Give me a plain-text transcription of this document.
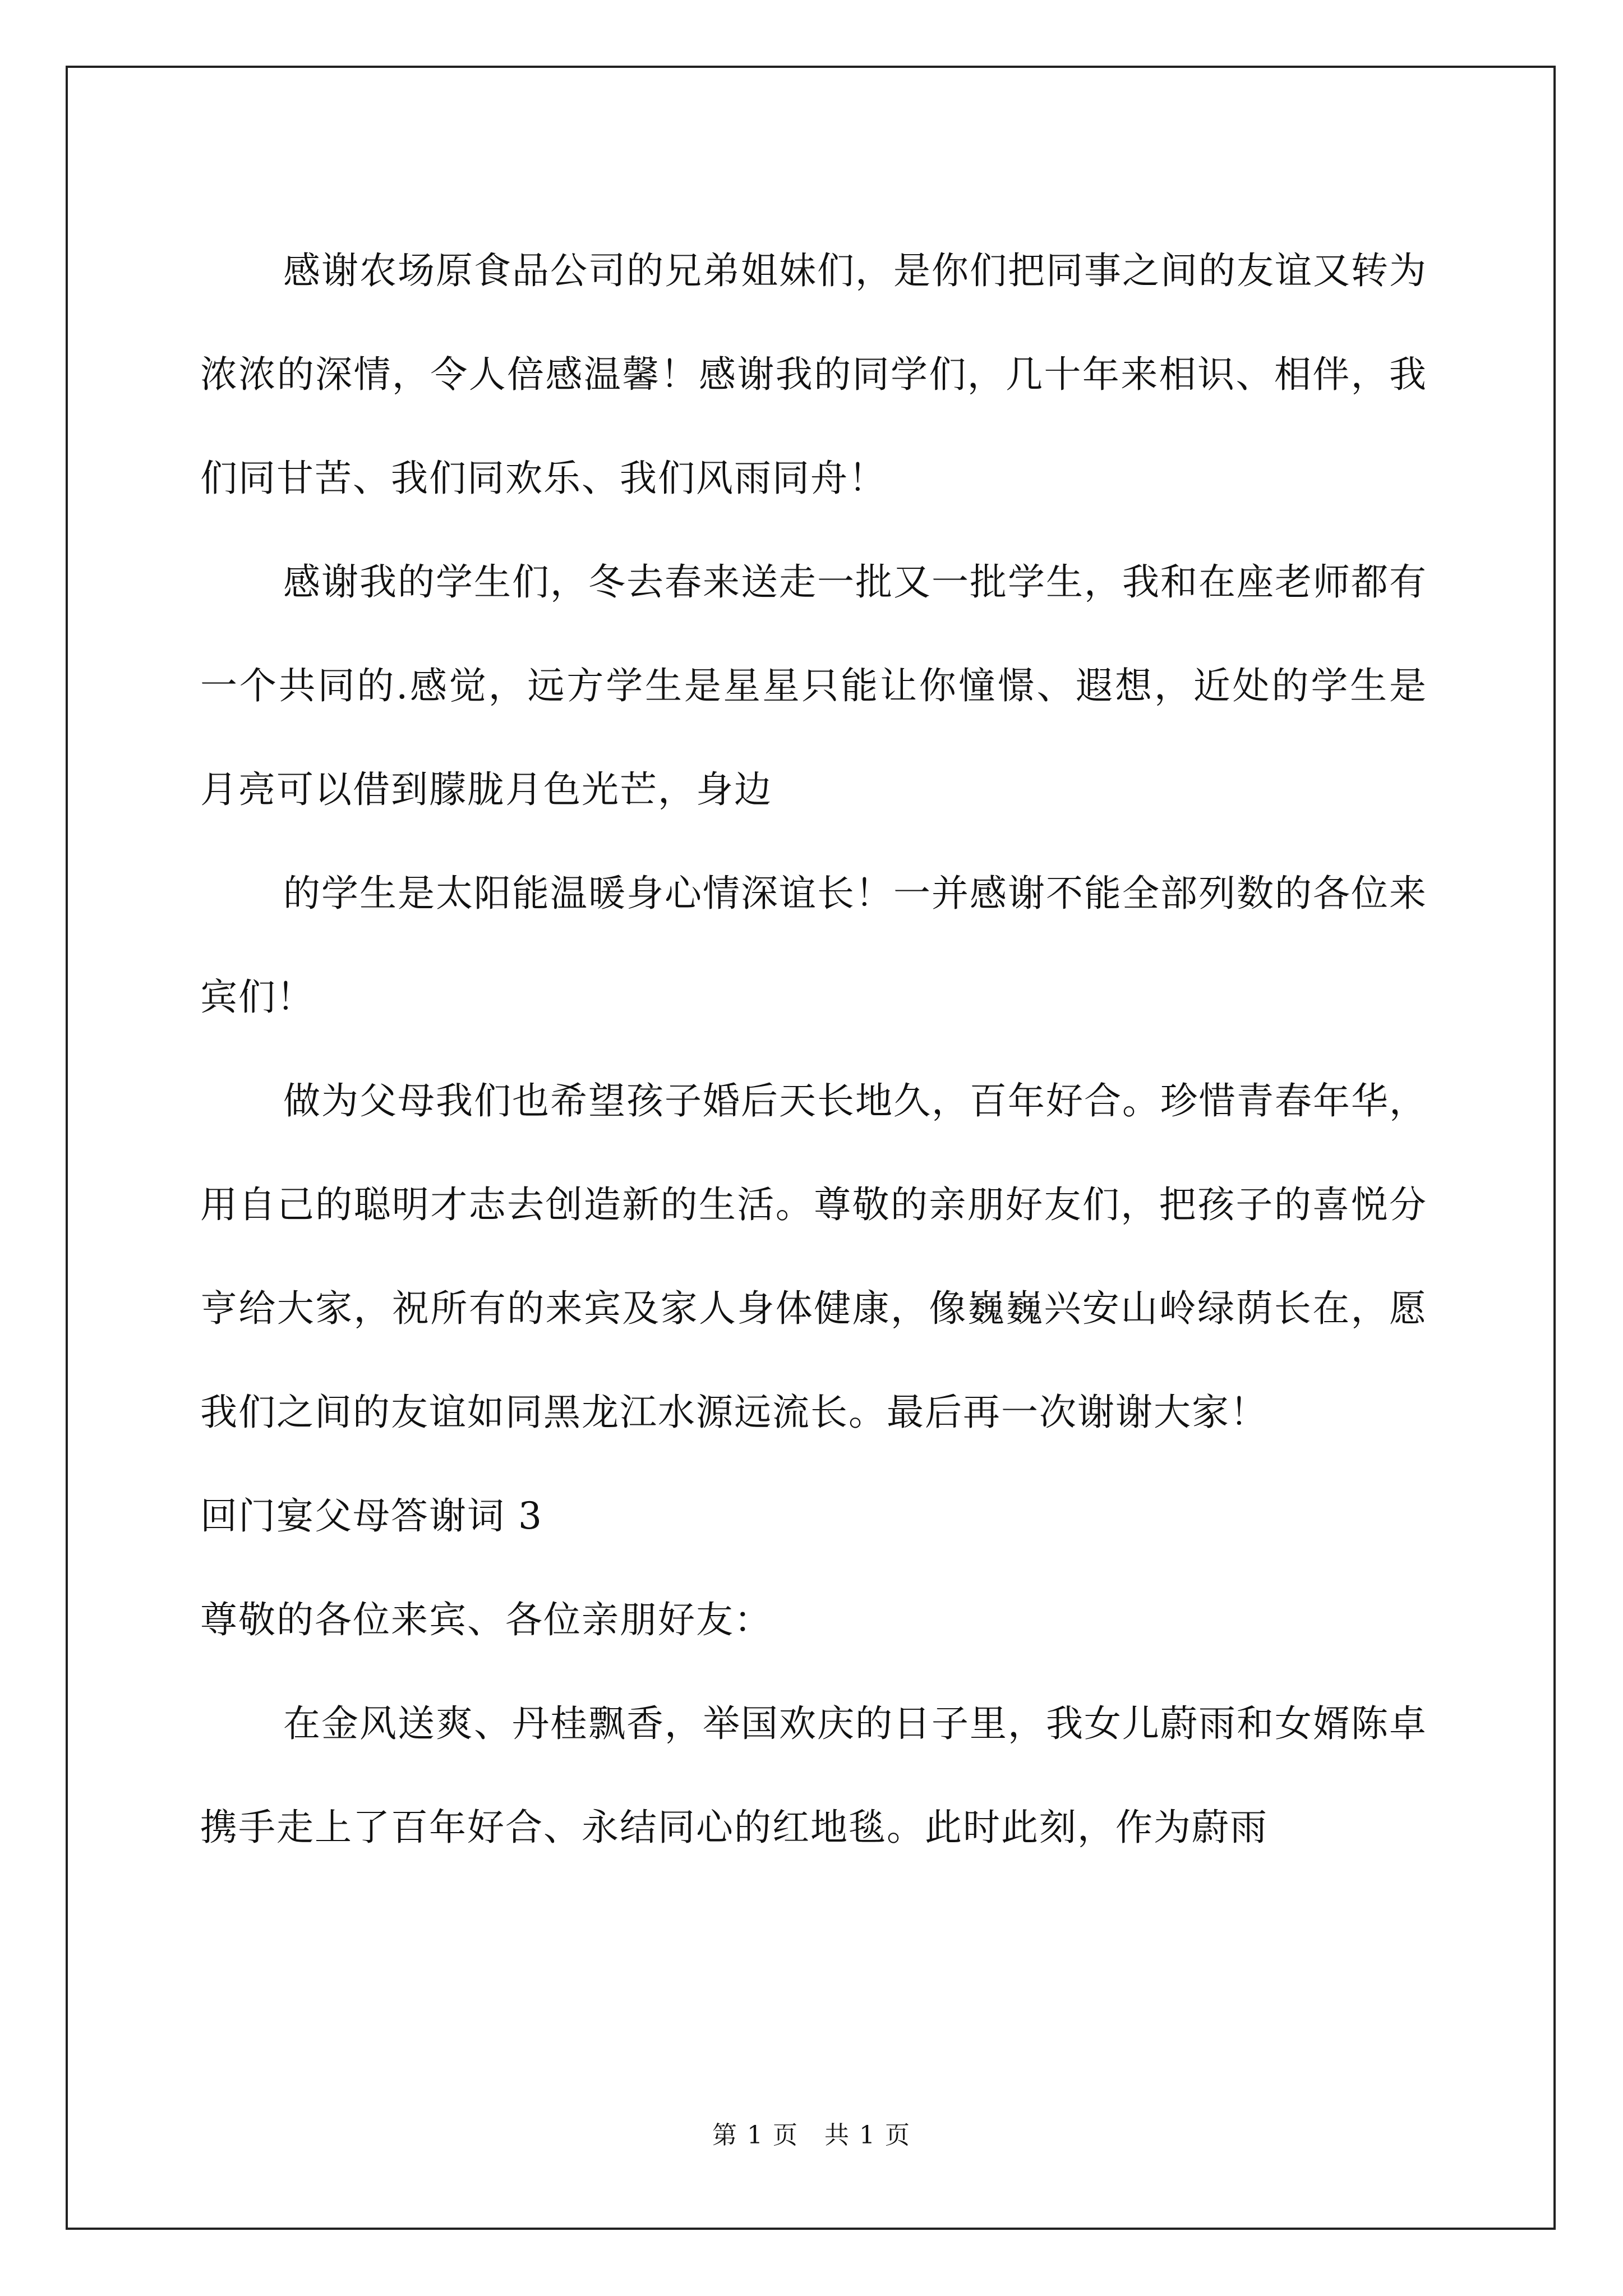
感谢农场原食品公司的兄弟姐妹们，是你们把同事之间的友谊又转为浓浓的深情，令人倍感温馨！感谢我的同学们，几十年来相识、相伴，我们同甘苦、我们同欢乐、我们风雨同舟！

感谢我的学生们，冬去春来送走一批又一批学生，我和在座老师都有一个共同的.感觉，远方学生是星星只能让你憧憬、遐想，近处的学生是月亮可以借到朦胧月色光芒，身边

的学生是太阳能温暖身心情深谊长！一并感谢不能全部列数的各位来宾们！

做为父母我们也希望孩子婚后天长地久，百年好合。珍惜青春年华，用自己的聪明才志去创造新的生活。尊敬的亲朋好友们，把孩子的喜悦分亨给大家，祝所有的来宾及家人身体健康，像巍巍兴安山岭绿荫长在，愿我们之间的友谊如同黑龙江水源远流长。最后再一次谢谢大家！

回门宴父母答谢词 3

尊敬的各位来宾、各位亲朋好友：

在金风送爽、丹桂飘香，举国欢庆的日子里，我女儿蔚雨和女婿陈卓携手走上了百年好合、永结同心的红地毯。此时此刻，作为蔚雨

第 1 页　共 1 页
